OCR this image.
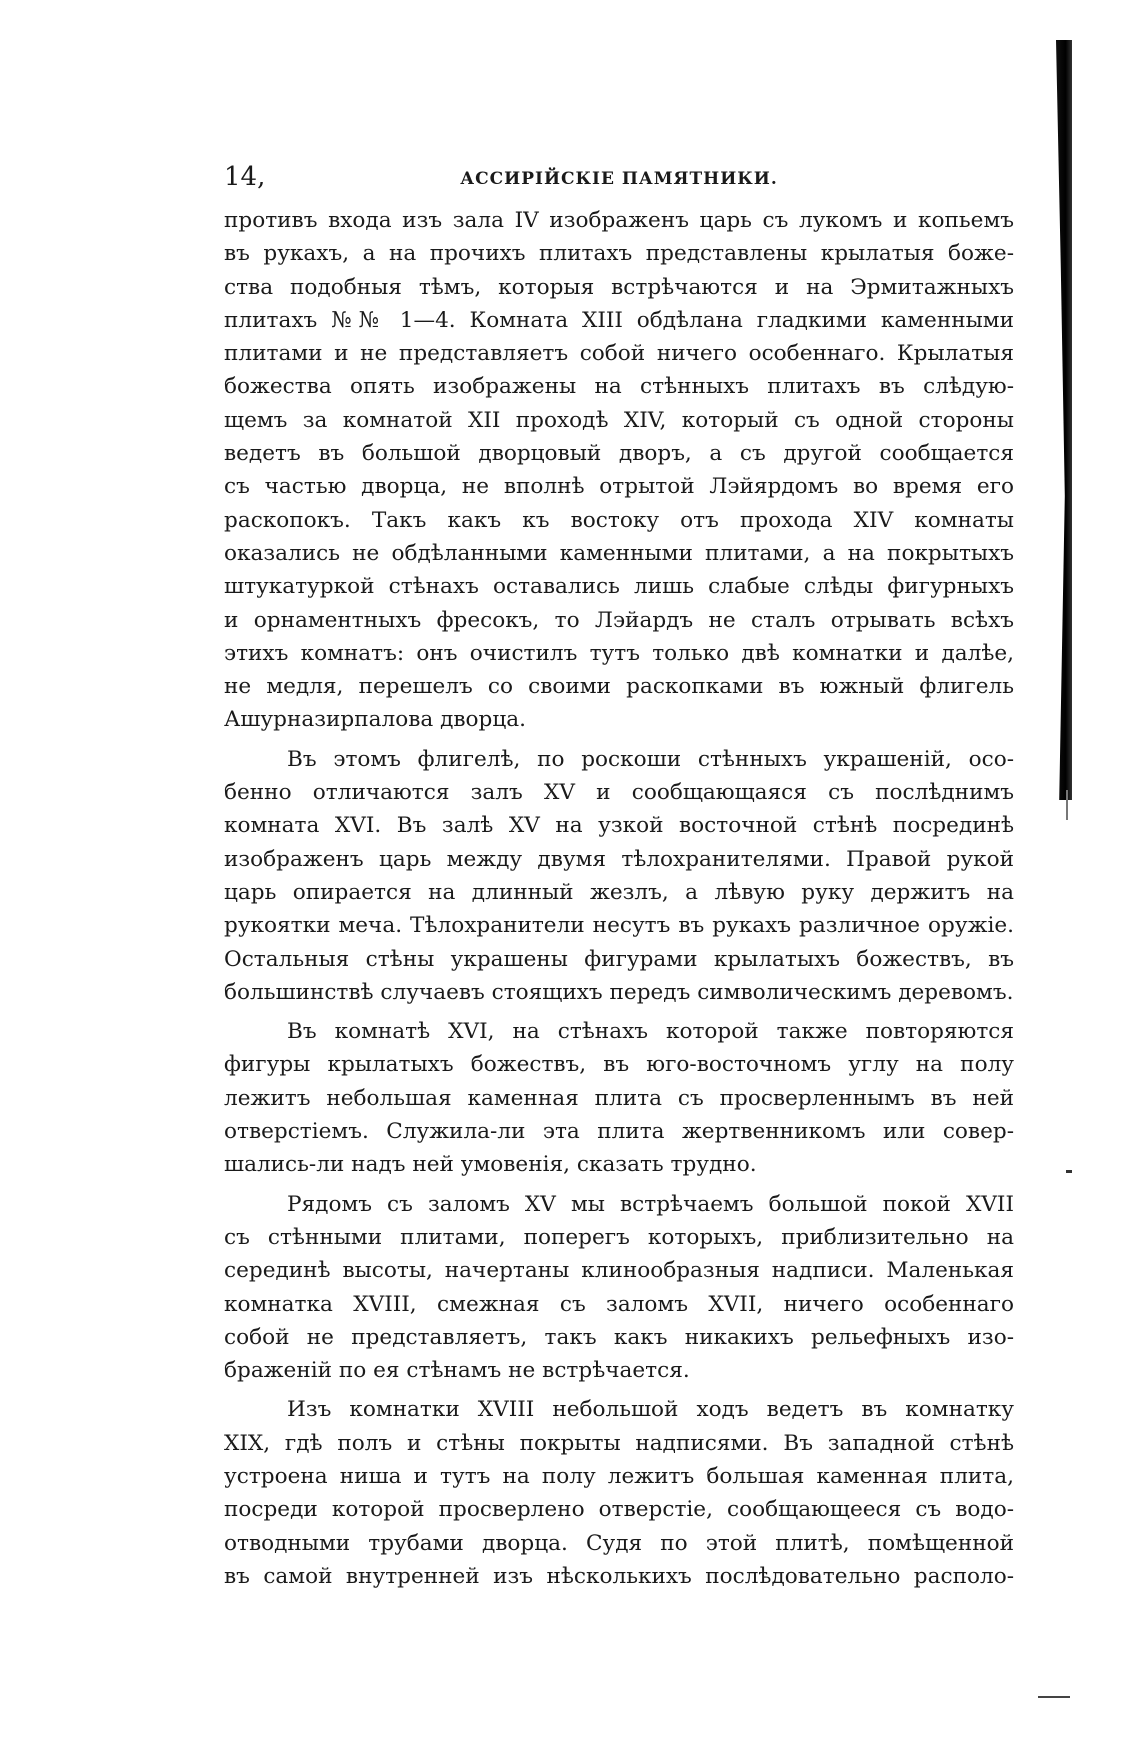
14,	АССИРІЙСКІЕ ПАМЯТНИКИ.
противъ входа изъ зала IV изображенъ царь съ лукомъ и копьемъ
въ рукахъ, а на прочихъ плитахъ представлены крылатыя боже-
ства подобныя тѣмъ, которыя встрѣчаются и на Эрмитажныхъ
плитахъ №№ 1—4. Комната XIII обдѣлана гладкими каменными
плитами и не представляетъ собой ничего особеннаго. Крылатыя
божества опять изображены на стѣнныхъ плитахъ въ слѣдую-
щемъ за комнатой XII проходѣ XIV, который съ одной стороны
ведетъ въ большой дворцовый дворъ, а съ другой сообщается
съ частью дворца, не вполнѣ отрытой Лэйярдомъ во время его
раскопокъ. Такъ какъ къ востоку отъ прохода XIV комнаты
оказались не обдѣланными каменными плитами, а на покрытыхъ
штукатуркой стѣнахъ оставались лишь слабые слѣды фигурныхъ
и орнаментныхъ фресокъ, то Лэйардъ не сталъ отрывать всѣхъ
этихъ комнатъ: онъ очистилъ тутъ только двѣ комнатки и далѣе,
не медля, перешелъ со своими раскопками въ южный флигель
Ашурназирпалова дворца.
Въ этомъ флигелѣ, по роскоши стѣнныхъ украшеній, осо-
бенно отличаются залъ XV и сообщающаяся съ послѣднимъ
комната XVI. Въ залѣ XV на узкой восточной стѣнѣ посрединѣ
изображенъ царь между двумя тѣлохранителями. Правой рукой
царь опирается на длинный жезлъ, а лѣвую руку держитъ на
рукоятки меча. Тѣлохранители несутъ въ рукахъ различное оружіе.
Остальныя стѣны украшены фигурами крылатыхъ божествъ, въ
большинствѣ случаевъ стоящихъ передъ символическимъ деревомъ.
Въ комнатѣ XVI, на стѣнахъ которой также повторяются
фигуры крылатыхъ божествъ, въ юго-восточномъ углу на полу
лежитъ небольшая каменная плита съ просверленнымъ въ ней
отверстіемъ. Служила-ли эта плита жертвенникомъ или совер-
шались-ли надъ ней умовенія, сказать трудно.
Рядомъ съ заломъ XV мы встрѣчаемъ большой покой XVII
съ стѣнными плитами, поперегъ которыхъ, приблизительно на
серединѣ высоты, начертаны клинообразныя надписи. Маленькая
комнатка XVIII, смежная съ заломъ XVII, ничего особеннаго
собой не представляетъ, такъ какъ никакихъ рельефныхъ изо-
браженій по ея стѣнамъ не встрѣчается.
Изъ комнатки XVIII небольшой ходъ ведетъ въ комнатку
XIX, гдѣ полъ и стѣны покрыты надписями. Въ западной стѣнѣ
устроена ниша и тутъ на полу лежитъ большая каменная плита,
посреди которой просверлено отверстіе, сообщающееся съ водо-
отводными трубами дворца. Судя по этой плитѣ, помѣщенной
въ самой внутренней изъ нѣсколькихъ послѣдовательно располо-
